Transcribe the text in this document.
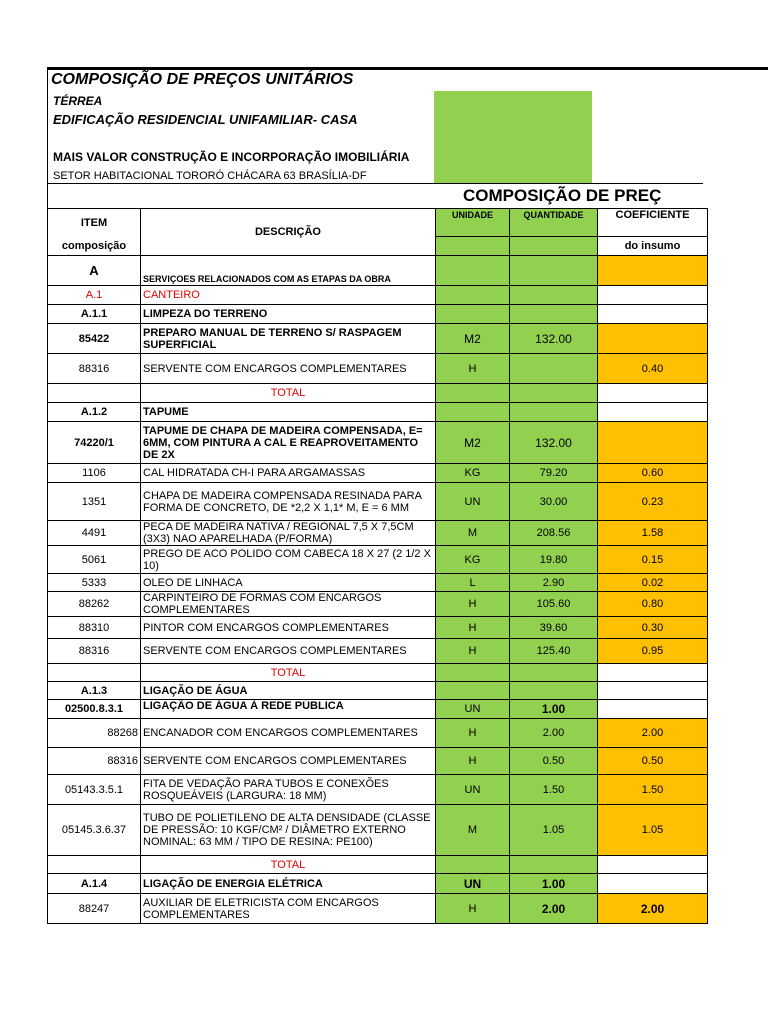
COMPOSIÇÃO DE PREÇOS UNITÁRIOS
TÉRREA
EDIFICAÇÃO RESIDENCIAL UNIFAMILIAR- CASA
MAIS VALOR CONSTRUÇÃO E INCORPORAÇÃO IMOBILIÁRIA
SETOR HABITACIONAL TORORÓ CHÁCARA 63 BRASÍLIA-DF
COMPOSIÇÃO DE PREÇ
ITEM	DESCRIÇÃO	UNIDADE	QUANTIDADE	COEFICIENTE
composição				do insumo
A	SERVIÇOES RELACIONADOS COM AS ETAPAS DA OBRA			
A.1	CANTEIRO			
A.1.1	LIMPEZA DO TERRENO			
85422	PREPARO MANUAL DE TERRENO S/ RASPAGEM SUPERFICIAL	M2	132.00	
88316	SERVENTE COM ENCARGOS COMPLEMENTARES	H		0.40
	TOTAL			
A.1.2	TAPUME			
74220/1	TAPUME DE CHAPA DE MADEIRA COMPENSADA, E= 6MM, COM PINTURA A CAL E REAPROVEITAMENTO DE 2X	M2	132.00	
1106	CAL HIDRATADA CH-I PARA ARGAMASSAS	KG	79.20	0.60
1351	CHAPA DE MADEIRA COMPENSADA RESINADA PARA FORMA DE CONCRETO, DE *2,2 X 1,1* M, E = 6 MM	UN	30.00	0.23
4491	PECA DE MADEIRA NATIVA / REGIONAL 7,5 X 7,5CM (3X3) NAO APARELHADA (P/FORMA)	M	208.56	1.58
5061	PREGO DE ACO POLIDO COM CABECA 18 X 27 (2 1/2 X 10)	KG	19.80	0.15
5333	OLEO DE LINHACA	L	2.90	0.02
88262	CARPINTEIRO DE FORMAS COM ENCARGOS COMPLEMENTARES	H	105.60	0.80
88310	PINTOR COM ENCARGOS COMPLEMENTARES	H	39.60	0.30
88316	SERVENTE COM ENCARGOS COMPLEMENTARES	H	125.40	0.95
	TOTAL			
A.1.3	LIGAÇÃO DE ÁGUA			
02500.8.3.1	LIGAÇÃO DE ÁGUA À REDE PÚBLICA	UN	1.00	
88268	ENCANADOR COM ENCARGOS COMPLEMENTARES	H	2.00	2.00
88316	SERVENTE COM ENCARGOS COMPLEMENTARES	H	0.50	0.50
05143.3.5.1	FITA DE VEDAÇÃO PARA TUBOS E CONEXÕES ROSQUEÁVEIS (LARGURA: 18 MM)	UN	1.50	1.50
05145.3.6.37	TUBO DE POLIETILENO DE ALTA DENSIDADE (CLASSE DE PRESSÃO: 10 KGF/CM² / DIÂMETRO EXTERNO NOMINAL: 63 MM / TIPO DE RESINA: PE100)	M	1.05	1.05
	TOTAL			
A.1.4	LIGAÇÃO DE ENERGIA ELÉTRICA	UN	1.00	
88247	AUXILIAR DE ELETRICISTA COM ENCARGOS COMPLEMENTARES	H	2.00	2.00
